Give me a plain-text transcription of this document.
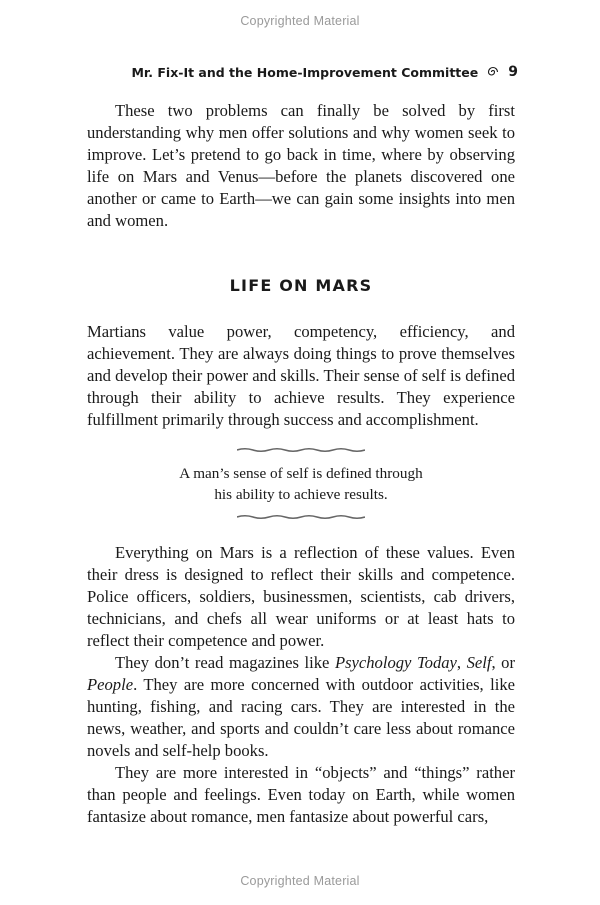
Copyrighted Material
Mr. Fix-It and the Home-Improvement Committee 9

These two problems can finally be solved by first understanding why men offer solutions and why women seek to improve. Let’s pretend to go back in time, where by observing life on Mars and Venus—before the planets discovered one another or came to Earth—we can gain some insights into men and women.

LIFE ON MARS

Martians value power, competency, efficiency, and achievement. They are always doing things to prove themselves and develop their power and skills. Their sense of self is defined through their ability to achieve results. They experience fulfillment primarily through success and accomplishment.

A man’s sense of self is defined through
his ability to achieve results.

Everything on Mars is a reflection of these values. Even their dress is designed to reflect their skills and competence. Police officers, soldiers, businessmen, scientists, cab drivers, technicians, and chefs all wear uniforms or at least hats to reflect their competence and power.

They don’t read magazines like Psychology Today, Self, or People. They are more concerned with outdoor activities, like hunting, fishing, and racing cars. They are interested in the news, weather, and sports and couldn’t care less about romance novels and self-help books.

They are more interested in “objects” and “things” rather than people and feelings. Even today on Earth, while women fantasize about romance, men fantasize about powerful cars,

Copyrighted Material
